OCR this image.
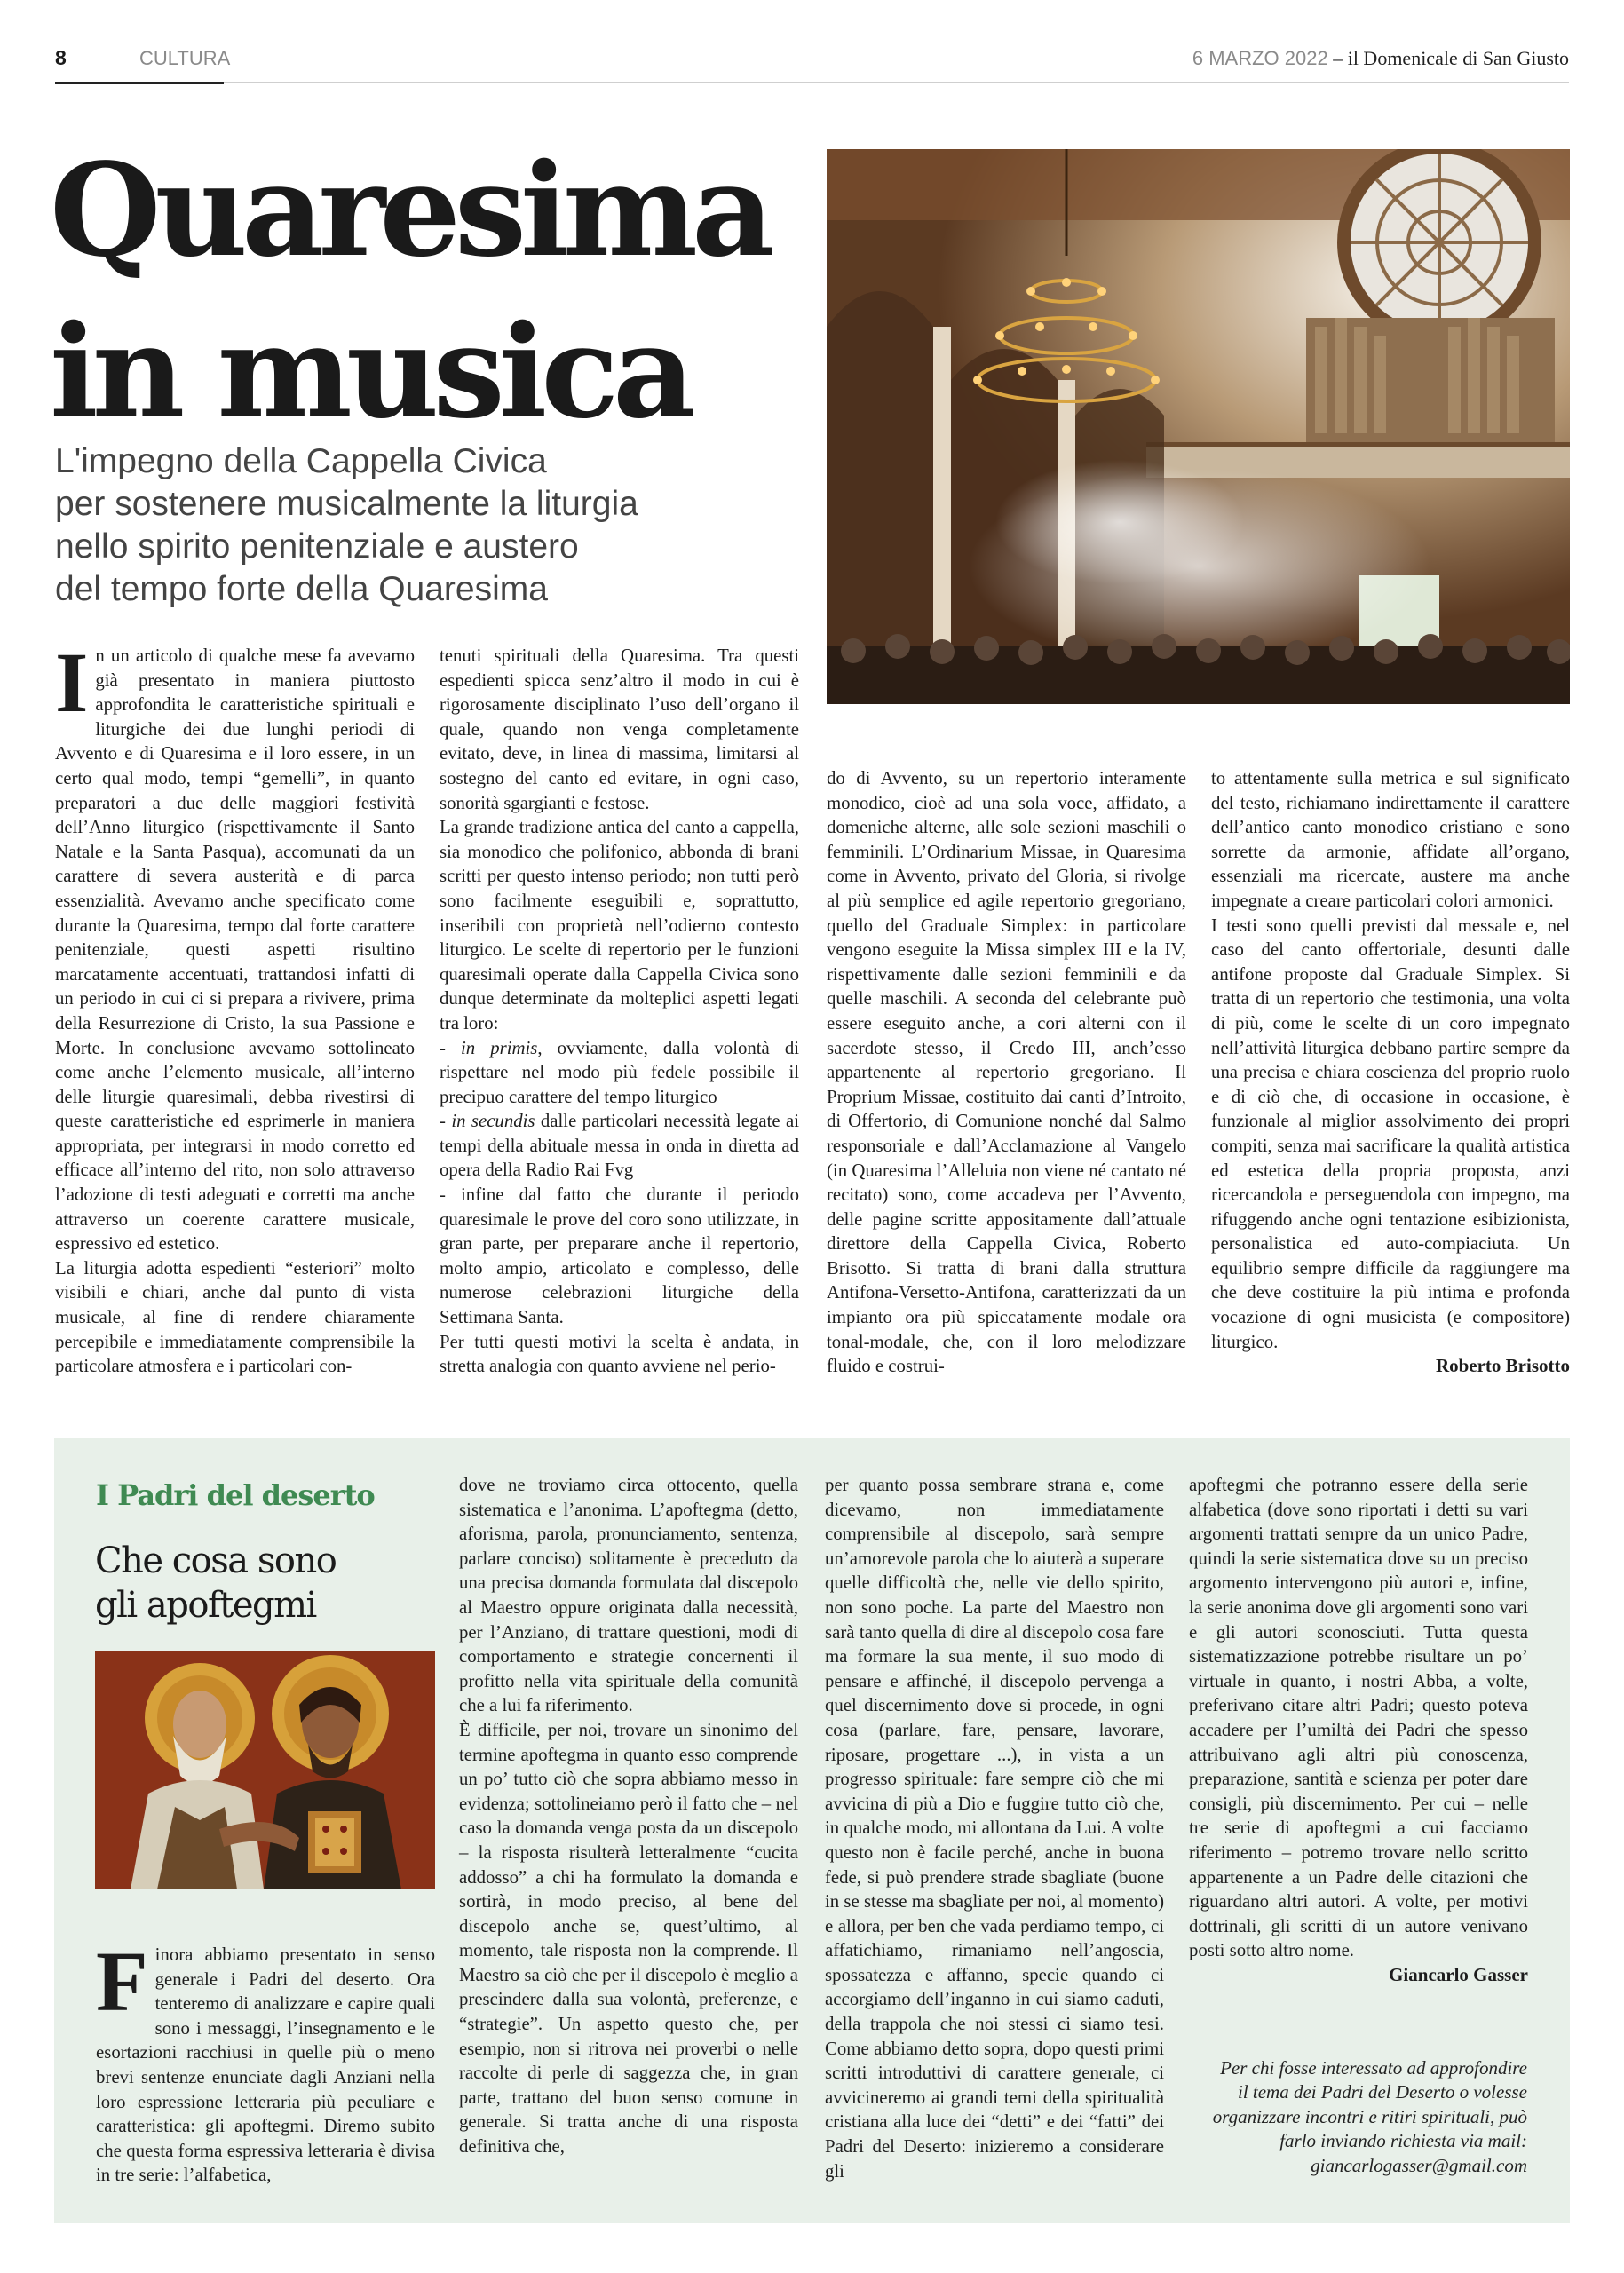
8	CULTURA	6 MARZO 2022 – il Domenicale di San Giusto
Quaresima
in musica
L'impegno della Cappella Civica
per sostenere musicalmente la liturgia
nello spirito penitenziale e austero
del tempo forte della Quaresima

In un articolo di qualche mese fa avevamo già presentato in maniera piuttosto approfondita le caratteristiche spirituali e liturgiche dei due lunghi periodi di Avvento e di Quaresima e il loro essere, in un certo qual modo, tempi “gemelli”, in quanto preparatori a due delle maggiori festività dell’Anno liturgico (rispettivamente il Santo Natale e la Santa Pasqua), accomunati da un carattere di severa austerità e di parca essenzialità. Avevamo anche specificato come durante la Quaresima, tempo dal forte carattere penitenziale, questi aspetti risultino marcatamente accentuati, trattandosi infatti di un periodo in cui ci si prepara a rivivere, prima della Resurrezione di Cristo, la sua Passione e Morte. In conclusione avevamo sottolineato come anche l’elemento musicale, all’interno delle liturgie quaresimali, debba rivestirsi di queste caratteristiche ed esprimerle in maniera appropriata, per integrarsi in modo corretto ed efficace all’interno del rito, non solo attraverso l’adozione di testi adeguati e corretti ma anche attraverso un coerente carattere musicale, espressivo ed estetico.

La liturgia adotta espedienti “esteriori” molto visibili e chiari, anche dal punto di vista musicale, al fine di rendere chiaramente percepibile e immediatamente comprensibile la particolare atmosfera e i particolari con-

tenuti spirituali della Quaresima. Tra questi espedienti spicca senz’altro il modo in cui è rigorosamente disciplinato l’uso dell’organo il quale, quando non venga completamente evitato, deve, in linea di massima, limitarsi al sostegno del canto ed evitare, in ogni caso, sonorità sgargianti e festose.

La grande tradizione antica del canto a cappella, sia monodico che polifonico, abbonda di brani scritti per questo intenso periodo; non tutti però sono facilmente eseguibili e, soprattutto, inseribili con proprietà nell’odierno contesto liturgico. Le scelte di repertorio per le funzioni quaresimali operate dalla Cappella Civica sono dunque determinate da molteplici aspetti legati tra loro:

- in primis, ovviamente, dalla volontà di rispettare nel modo più fedele possibile il precipuo carattere del tempo liturgico

- in secundis dalle particolari necessità legate ai tempi della abituale messa in onda in diretta ad opera della Radio Rai Fvg

- infine dal fatto che durante il periodo quaresimale le prove del coro sono utilizzate, in gran parte, per preparare anche il repertorio, molto ampio, articolato e complesso, delle numerose celebrazioni liturgiche della Settimana Santa.

Per tutti questi motivi la scelta è andata, in stretta analogia con quanto avviene nel perio-

do di Avvento, su un repertorio interamente monodico, cioè ad una sola voce, affidato, a domeniche alterne, alle sole sezioni maschili o femminili. L’Ordinarium Missae, in Quaresima come in Avvento, privato del Gloria, si rivolge al più semplice ed agile repertorio gregoriano, quello del Graduale Simplex: in particolare vengono eseguite la Missa simplex III e la IV, rispettivamente dalle sezioni femminili e da quelle maschili. A seconda del celebrante può essere eseguito anche, a cori alterni con il sacerdote stesso, il Credo III, anch’esso appartenente al repertorio gregoriano. Il Proprium Missae, costituito dai canti d’Introito, di Offertorio, di Comunione nonché dal Salmo responsoriale e dall’Acclamazione al Vangelo (in Quaresima l’Alleluia non viene né cantato né recitato) sono, come accadeva per l’Avvento, delle pagine scritte appositamente dall’attuale direttore della Cappella Civica, Roberto Brisotto. Si tratta di brani dalla struttura Antifona-Versetto-Antifona, caratterizzati da un impianto ora più spiccatamente modale ora tonal-modale, che, con il loro melodizzare fluido e costrui-

to attentamente sulla metrica e sul significato del testo, richiamano indirettamente il carattere dell’antico canto monodico cristiano e sono sorrette da armonie, affidate all’organo, essenziali ma ricercate, austere ma anche impegnate a creare particolari colori armonici.

I testi sono quelli previsti dal messale e, nel caso del canto offertoriale, desunti dalle antifone proposte dal Graduale Simplex. Si tratta di un repertorio che testimonia, una volta di più, come le scelte di un coro impegnato nell’attività liturgica debbano partire sempre da una precisa e chiara coscienza del proprio ruolo e di ciò che, di occasione in occasione, è funzionale al miglior assolvimento dei propri compiti, senza mai sacrificare la qualità artistica ed estetica della propria proposta, anzi ricercandola e perseguendola con impegno, ma rifuggendo anche ogni tentazione esibizionista, personalistica ed auto-compiaciuta. Un equilibrio sempre difficile da raggiungere ma che deve costituire la più intima e profonda vocazione di ogni musicista (e compositore) liturgico.

Roberto Brisotto

I Padri del deserto
Che cosa sono
gli apoftegmi

Finora abbiamo presentato in senso generale i Padri del deserto. Ora tenteremo di analizzare e capire quali sono i messaggi, l’insegnamento e le esortazioni racchiusi in quelle più o meno brevi sentenze enunciate dagli Anziani nella loro espressione letteraria più peculiare e caratteristica: gli apoftegmi. Diremo subito che questa forma espressiva letteraria è divisa in tre serie: l’alfabetica,

dove ne troviamo circa ottocento, quella sistematica e l’anonima. L’apoftegma (detto, aforisma, parola, pronunciamento, sentenza, parlare conciso) solitamente è preceduto da una precisa domanda formulata dal discepolo al Maestro oppure originata dalla necessità, per l’Anziano, di trattare questioni, modi di comportamento e strategie concernenti il profitto nella vita spirituale della comunità che a lui fa riferimento.

È difficile, per noi, trovare un sinonimo del termine apoftegma in quanto esso comprende un po’ tutto ciò che sopra abbiamo messo in evidenza; sottolineiamo però il fatto che – nel caso la domanda venga posta da un discepolo – la risposta risulterà letteralmente “cucita addosso” a chi ha formulato la domanda e sortirà, in modo preciso, al bene del discepolo anche se, quest’ultimo, al momento, tale risposta non la comprende. Il Maestro sa ciò che per il discepolo è meglio a prescindere dalla sua volontà, preferenze, e “strategie”. Un aspetto questo che, per esempio, non si ritrova nei proverbi o nelle raccolte di perle di saggezza che, in gran parte, trattano del buon senso comune in generale. Si tratta anche di una risposta definitiva che,

per quanto possa sembrare strana e, come dicevamo, non immediatamente comprensibile al discepolo, sarà sempre un’amorevole parola che lo aiuterà a superare quelle difficoltà che, nelle vie dello spirito, non sono poche. La parte del Maestro non sarà tanto quella di dire al discepolo cosa fare ma formare la sua mente, il suo modo di pensare e affinché, il discepolo pervenga a quel discernimento dove si procede, in ogni cosa (parlare, fare, pensare, lavorare, riposare, progettare ...), in vista a un progresso spirituale: fare sempre ciò che mi avvicina di più a Dio e fuggire tutto ciò che, in qualche modo, mi allontana da Lui. A volte questo non è facile perché, anche in buona fede, si può prendere strade sbagliate (buone in se stesse ma sbagliate per noi, al momento) e allora, per ben che vada perdiamo tempo, ci affatichiamo, rimaniamo nell’angoscia, spossatezza e affanno, specie quando ci accorgiamo dell’inganno in cui siamo caduti, della trappola che noi stessi ci siamo tesi. Come abbiamo detto sopra, dopo questi primi scritti introduttivi di carattere generale, ci avvicineremo ai grandi temi della spiritualità cristiana alla luce dei “detti” e dei “fatti” dei Padri del Deserto: inizieremo a considerare gli

apoftegmi che potranno essere della serie alfabetica (dove sono riportati i detti su vari argomenti trattati sempre da un unico Padre, quindi la serie sistematica dove su un preciso argomento intervengono più autori e, infine, la serie anonima dove gli argomenti sono vari e gli autori sconosciuti. Tutta questa sistematizzazione potrebbe risultare un po’ virtuale in quanto, i nostri Abba, a volte, preferivano citare altri Padri; questo poteva accadere per l’umiltà dei Padri che spesso attribuivano agli altri più conoscenza, preparazione, santità e scienza per poter dare consigli, più discernimento. Per cui – nelle tre serie di apoftegmi a cui facciamo riferimento – potremo trovare nello scritto appartenente a un Padre delle citazioni che riguardano altri autori. A volte, per motivi dottrinali, gli scritti di un autore venivano posti sotto altro nome.

Giancarlo Gasser

Per chi fosse interessato ad approfondire
il tema dei Padri del Deserto o volesse
organizzare incontri e ritiri spirituali, può
farlo inviando richiesta via mail:
giancarlogasser@gmail.com
